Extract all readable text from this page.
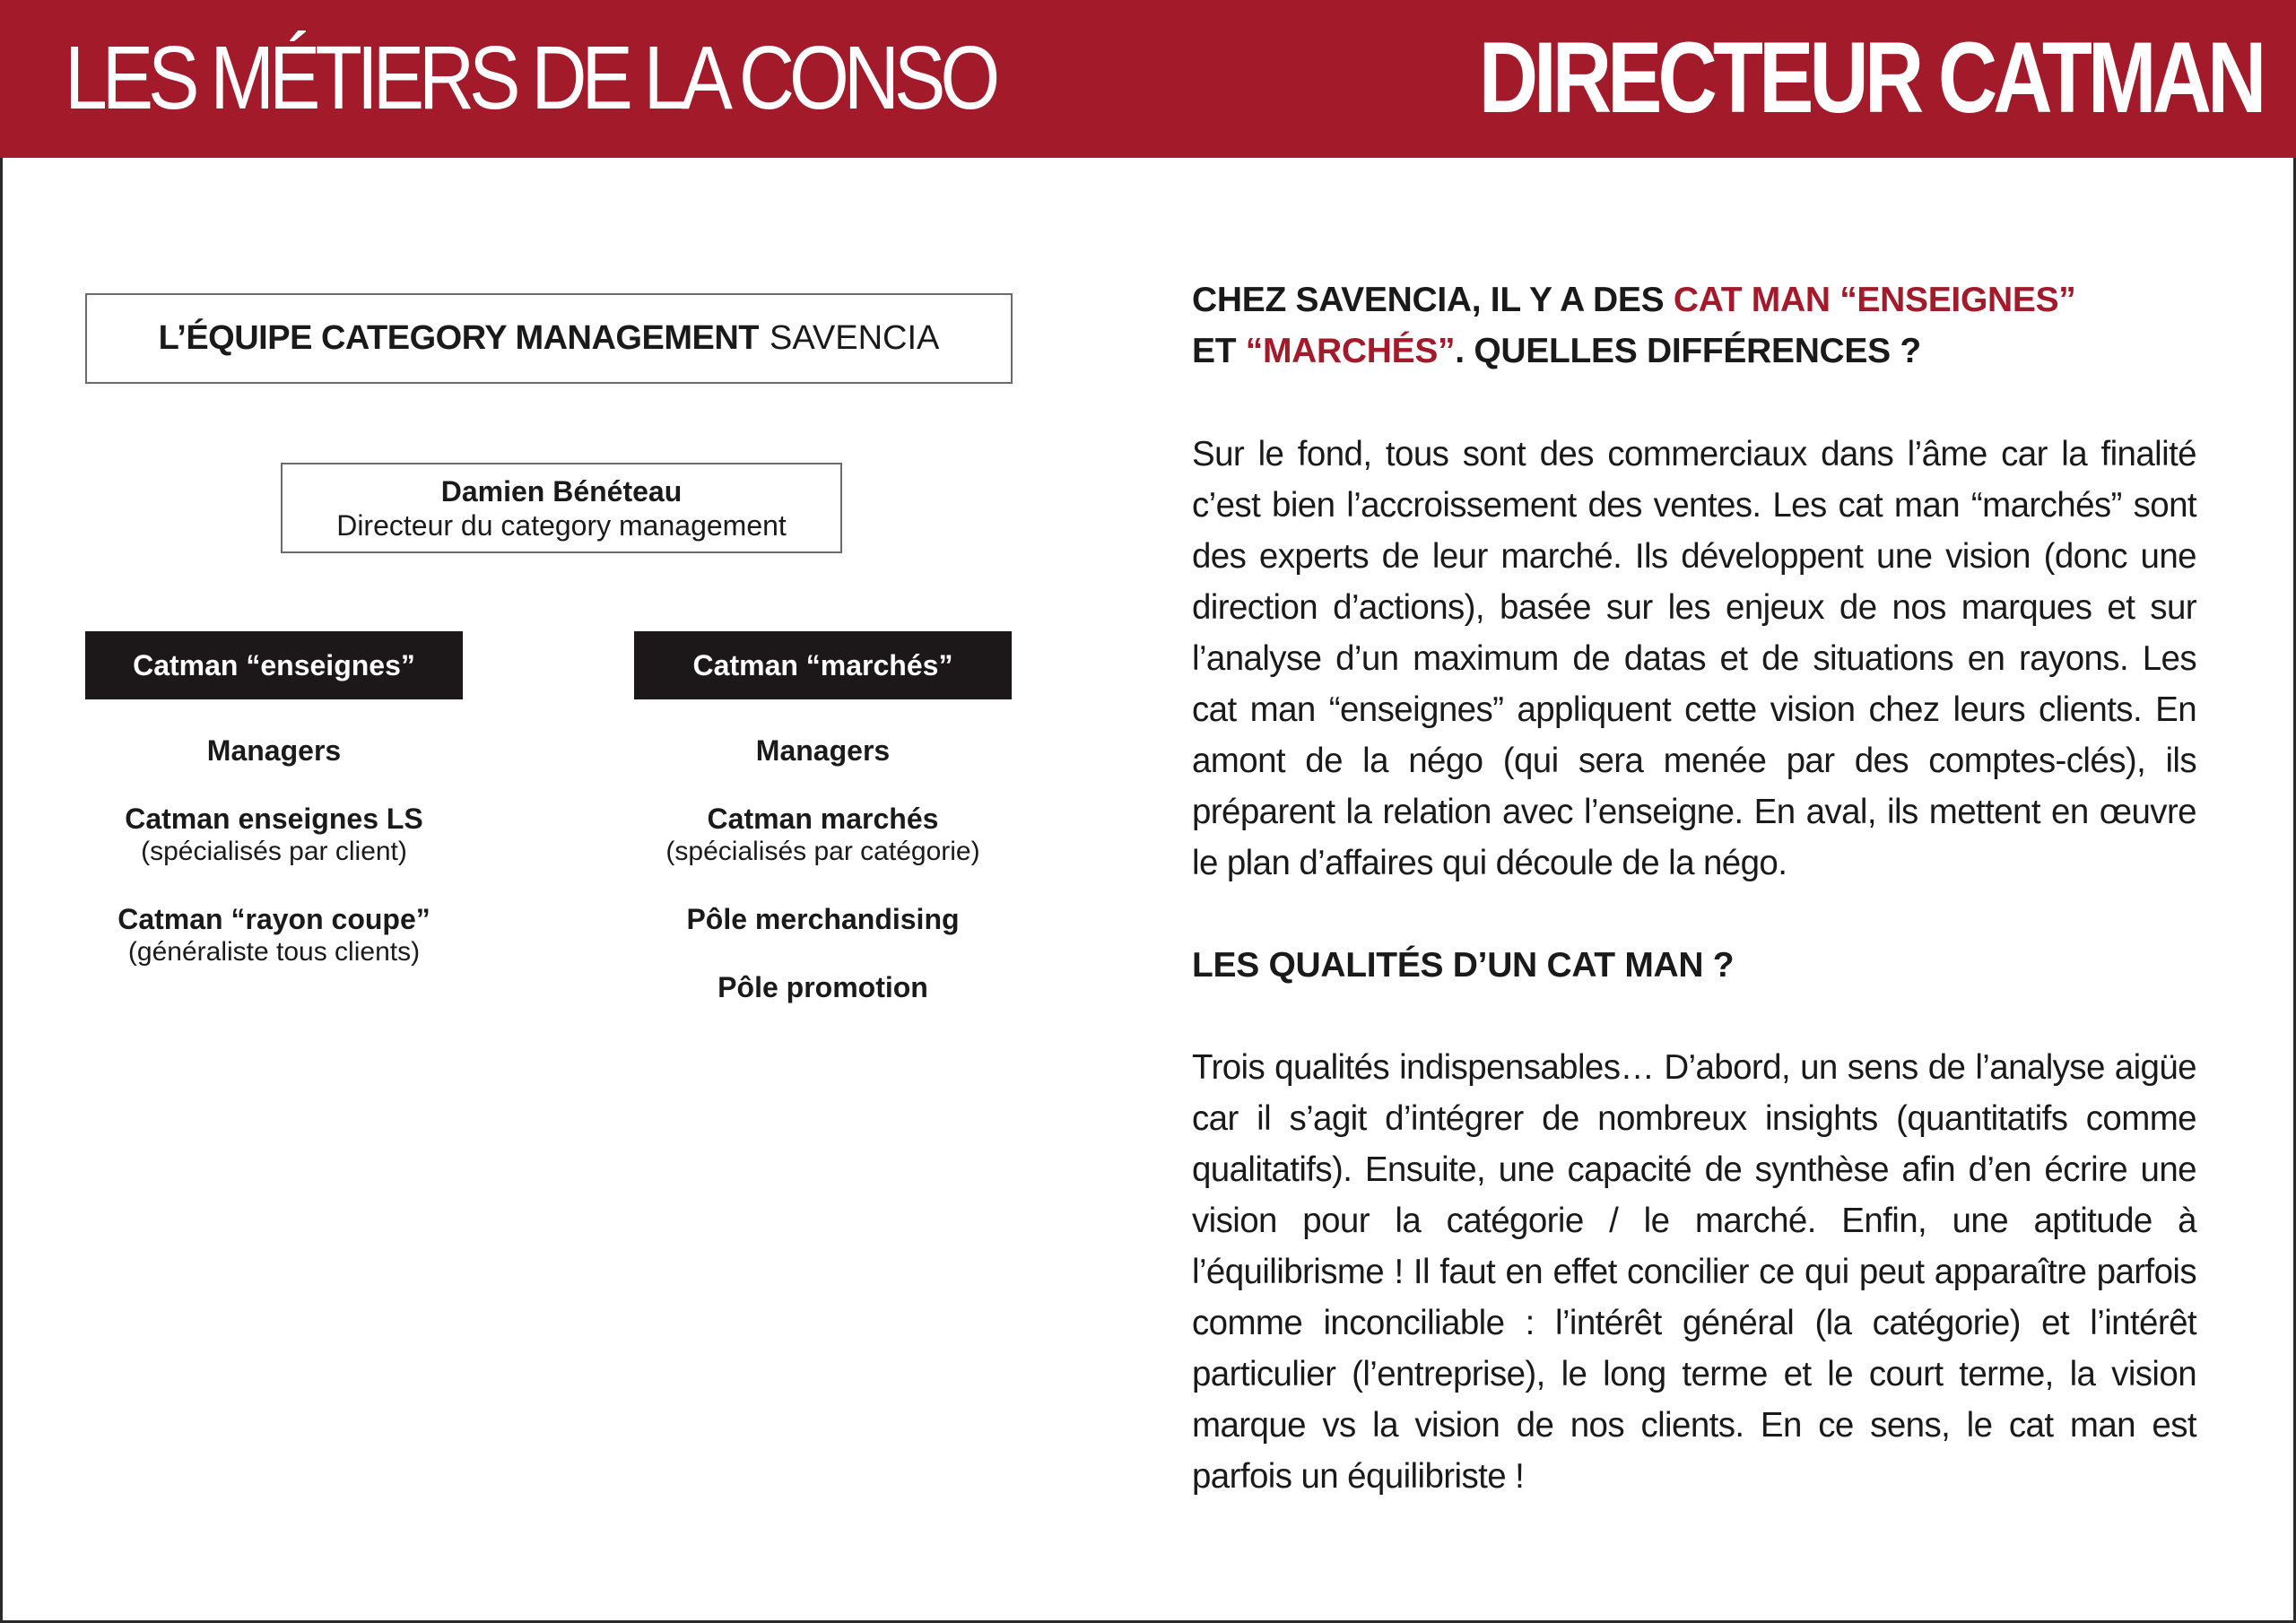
LES MÉTIERS DE LA CONSO	DIRECTEUR CATMAN
L’ÉQUIPE CATEGORY MANAGEMENT SAVENCIA
Damien Bénéteau
Directeur du category management
Catman “enseignes”	Catman “marchés”
Managers
Catman enseignes LS
(spécialisés par client)
Catman “rayon coupe”
(généraliste tous clients)
Managers
Catman marchés
(spécialisés par catégorie)
Pôle merchandising
Pôle promotion
CHEZ SAVENCIA, IL Y A DES CAT MAN “ENSEIGNES”
ET “MARCHÉS”. QUELLES DIFFÉRENCES ?

Sur le fond, tous sont des commerciaux dans l’âme car la finalité c’est bien l’accroissement des ventes. Les cat man “marchés” sont des experts de leur marché. Ils développent une vision (donc une direction d’actions), basée sur les enjeux de nos marques et sur l’analyse d’un maximum de datas et de situations en rayons. Les cat man “enseignes” appliquent cette vision chez leurs clients. En amont de la négo (qui sera menée par des comptes-clés), ils préparent la relation avec l’enseigne. En aval, ils mettent en œuvre le plan d’affaires qui découle de la négo.

LES QUALITÉS D’UN CAT MAN ?

Trois qualités indispensables… D’abord, un sens de l’analyse aigüe car il s’agit d’intégrer de nombreux insights (quantitatifs comme qualitatifs). Ensuite, une capacité de synthèse afin d’en écrire une vision pour la catégorie / le marché. Enfin, une aptitude à l’équilibrisme ! Il faut en effet concilier ce qui peut apparaître parfois comme inconciliable : l’intérêt général (la catégorie) et l’intérêt particulier (l’entreprise), le long terme et le court terme, la vision marque vs la vision de nos clients. En ce sens, le cat man est parfois un équilibriste !
